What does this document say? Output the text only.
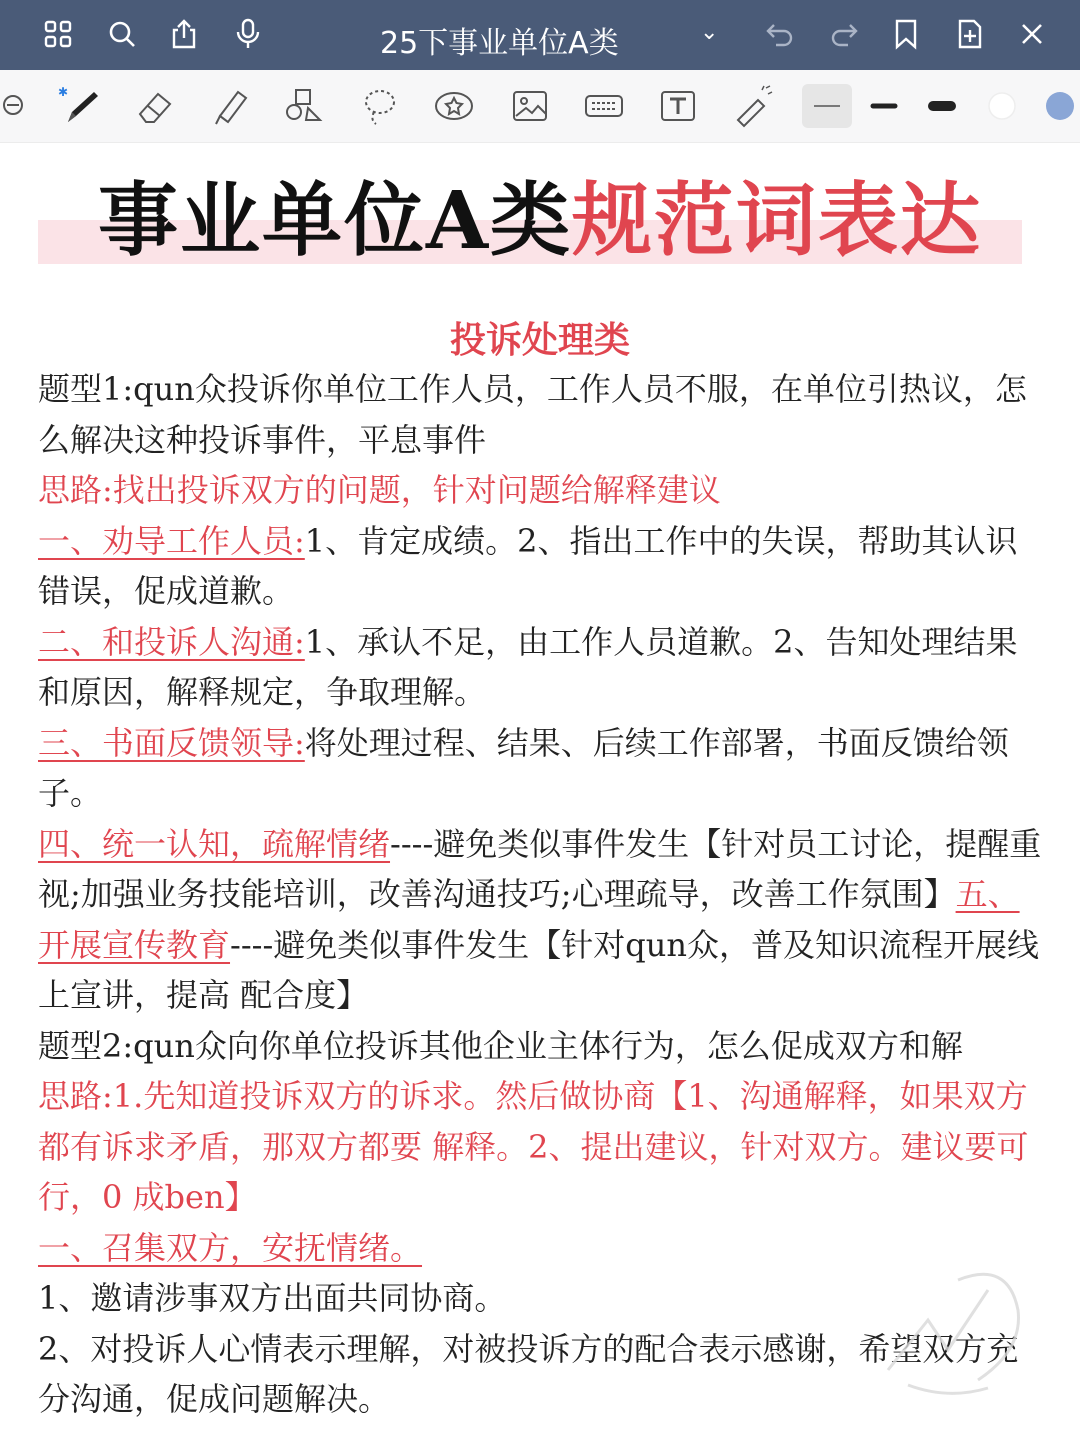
25下事业单位A类	⌄
✱
事业单位A类规范词表达
投诉处理类

题型1:qun众投诉你单位工作人员，工作人员不服，在单位引热议，怎么解决这种投诉事件，平息事件

思路:找出投诉双方的问题，针对问题给解释建议

一、劝导工作人员:1、肯定成绩。2、指出工作中的失误，帮助其认识错误，促成道歉。

二、和投诉人沟通:1、承认不足，由工作人员道歉。2、告知处理结果和原因，解释规定，争取理解。

三、书面反馈领导:将处理过程、结果、后续工作部署，书面反馈给领子。

四、统一认知，疏解情绪----避免类似事件发生【针对员工讨论，提醒重视;加强业务技能培训，改善沟通技巧;心理疏导，改善工作氛围】五、开展宣传教育----避免类似事件发生【针对qun众，普及知识流程开展线上宣讲，提高 配合度】

题型2:qun众向你单位投诉其他企业主体行为，怎么促成双方和解

思路:1.先知道投诉双方的诉求。然后做协商【1、沟通解释，如果双方都有诉求矛盾，那双方都要 解释。2、提出建议，针对双方。建议要可行，0 成ben】

一、召集双方，安抚情绪。

1、邀请涉事双方出面共同协商。

2、对投诉人心情表示理解，对被投诉方的配合表示感谢，希望双方充分沟通，促成问题解决。
